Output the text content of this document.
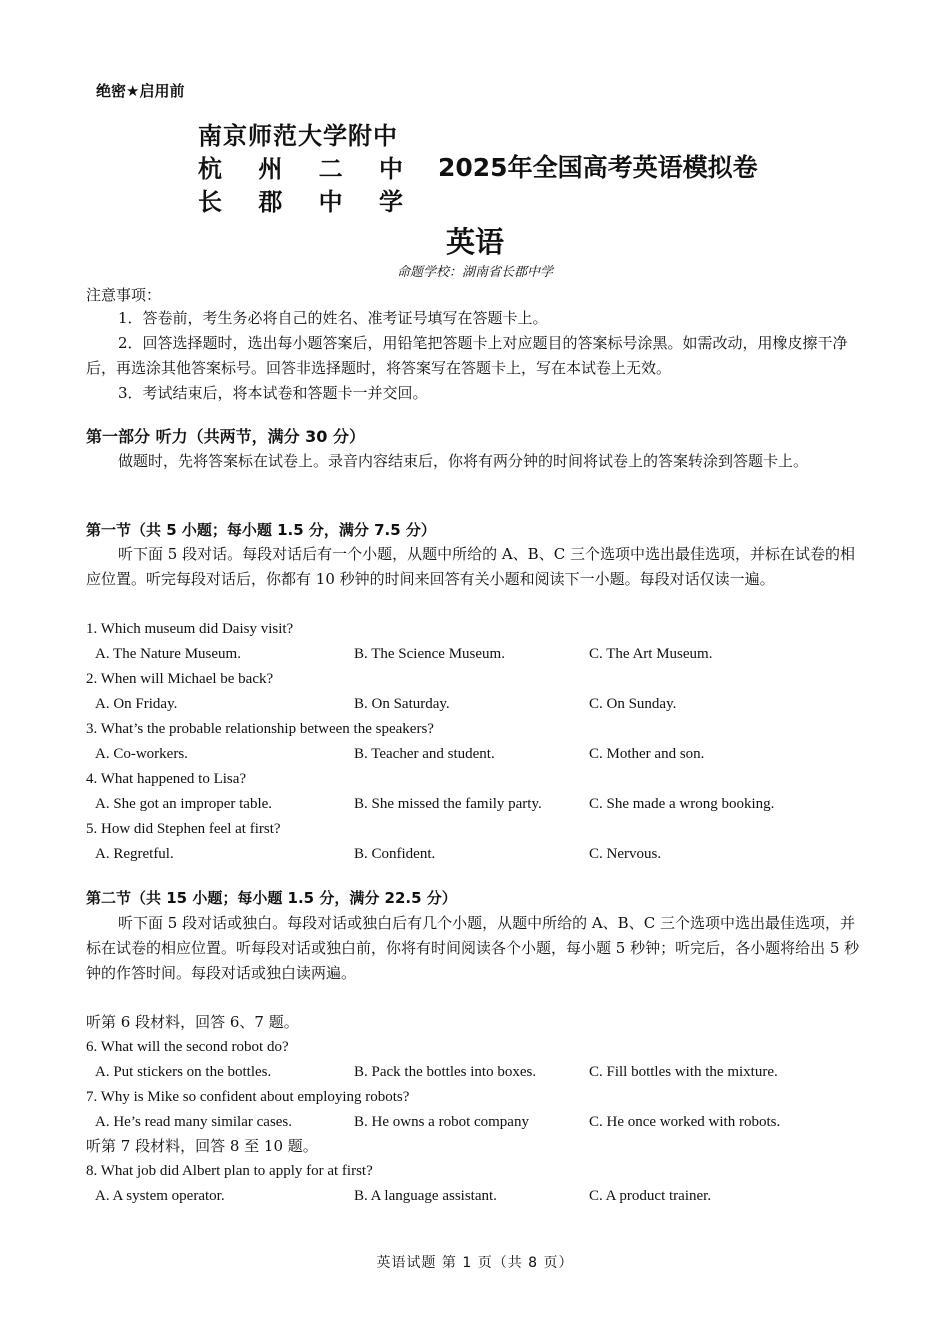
绝密★启用前
南京师范大学附中
杭 州 二 中
长 郡 中 学
2025年全国高考英语模拟卷
英语
命题学校：湖南省长郡中学
注意事项：

1．答卷前，考生务必将自己的姓名、准考证号填写在答题卡上。

2．回答选择题时，选出每小题答案后，用铅笔把答题卡上对应题目的答案标号涂黑。如需改动，用橡皮擦干净后，再选涂其他答案标号。回答非选择题时，将答案写在答题卡上，写在本试卷上无效。

3．考试结束后，将本试卷和答题卡一并交回。

第一部分 听力（共两节，满分 30 分）

做题时，先将答案标在试卷上。录音内容结束后，你将有两分钟的时间将试卷上的答案转涂到答题卡上。

第一节（共 5 小题；每小题 1.5 分，满分 7.5 分）

听下面 5 段对话。每段对话后有一个小题，从题中所给的 A、B、C 三个选项中选出最佳选项，并标在试卷的相应位置。听完每段对话后，你都有 10 秒钟的时间来回答有关小题和阅读下一小题。每段对话仅读一遍。

1. Which museum did Daisy visit?
A. The Nature Museum.	B. The Science Museum.	C. The Art Museum.
2. When will Michael be back?
A. On Friday.	B. On Saturday.	C. On Sunday.
3. What’s the probable relationship between the speakers?
A. Co-workers.	B. Teacher and student.	C. Mother and son.
4. What happened to Lisa?
A. She got an improper table.	B. She missed the family party.	C. She made a wrong booking.
5. How did Stephen feel at first?
A. Regretful.	B. Confident.	C. Nervous.
第二节（共 15 小题；每小题 1.5 分，满分 22.5 分）

听下面 5 段对话或独白。每段对话或独白后有几个小题，从题中所给的 A、B、C 三个选项中选出最佳选项，并标在试卷的相应位置。听每段对话或独白前，你将有时间阅读各个小题，每小题 5 秒钟；听完后，各小题将给出 5 秒钟的作答时间。每段对话或独白读两遍。

听第 6 段材料，回答 6、7 题。
6. What will the second robot do?
A. Put stickers on the bottles.	B. Pack the bottles into boxes.	C. Fill bottles with the mixture.
7. Why is Mike so confident about employing robots?
A. He’s read many similar cases.	B. He owns a robot company	C. He once worked with robots.
听第 7 段材料，回答 8 至 10 题。
8. What job did Albert plan to apply for at first?
A. A system operator.	B. A language assistant.	C. A product trainer.
英语试题 第 1 页（共 8 页）
